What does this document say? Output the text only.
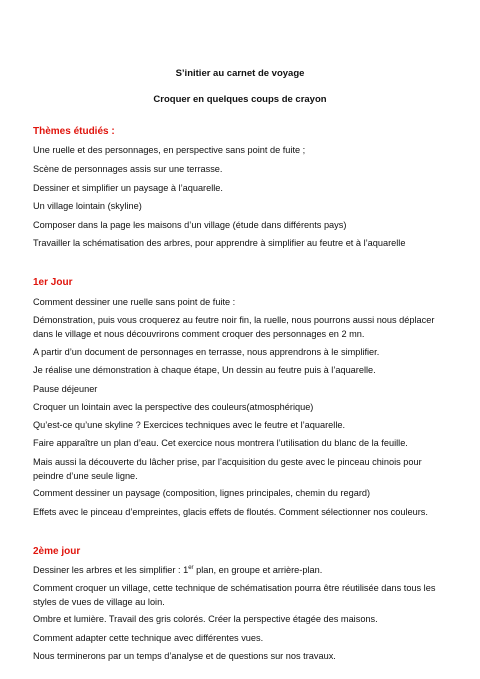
S’initier au carnet de voyage
Croquer en quelques coups de crayon
Thèmes étudiés :
Une ruelle et des personnages, en perspective sans point de fuite ;
Scène de personnages assis sur une terrasse.
Dessiner et simplifier un paysage à l’aquarelle.
Un village lointain (skyline)
Composer dans la page les maisons d’un village (étude dans différents pays)
Travailler la schématisation des arbres, pour apprendre à simplifier au feutre et à l’aquarelle
1er Jour
Comment dessiner une ruelle sans point de fuite :
Démonstration, puis vous croquerez au feutre noir fin, la ruelle, nous pourrons aussi nous déplacer dans le village et nous découvrirons comment croquer des personnages en 2 mn.
A partir d’un document de personnages en terrasse, nous apprendrons à le simplifier.
Je réalise une démonstration à chaque étape, Un dessin au feutre puis à l’aquarelle.
Pause déjeuner
Croquer un lointain avec la perspective des couleurs(atmosphérique)
Qu’est-ce qu’une skyline ? Exercices techniques avec le feutre et l’aquarelle.
Faire apparaître un plan d’eau. Cet exercice nous montrera l’utilisation du blanc de la feuille.
Mais aussi la découverte du lâcher prise, par l’acquisition du geste avec le pinceau chinois pour peindre d’une seule ligne.
Comment dessiner un paysage (composition, lignes principales, chemin du regard)
Effets avec le pinceau d’empreintes, glacis effets de floutés. Comment sélectionner nos couleurs.
2ème jour
Dessiner les arbres et les simplifier : 1er plan, en groupe et arrière-plan.
Comment croquer un village, cette technique de schématisation pourra être réutilisée dans tous les styles de vues de village au loin.
Ombre et lumière. Travail des gris colorés. Créer la perspective étagée des maisons.
Comment adapter cette technique avec différentes vues.
Nous terminerons par un temps d’analyse et de questions sur nos travaux.
